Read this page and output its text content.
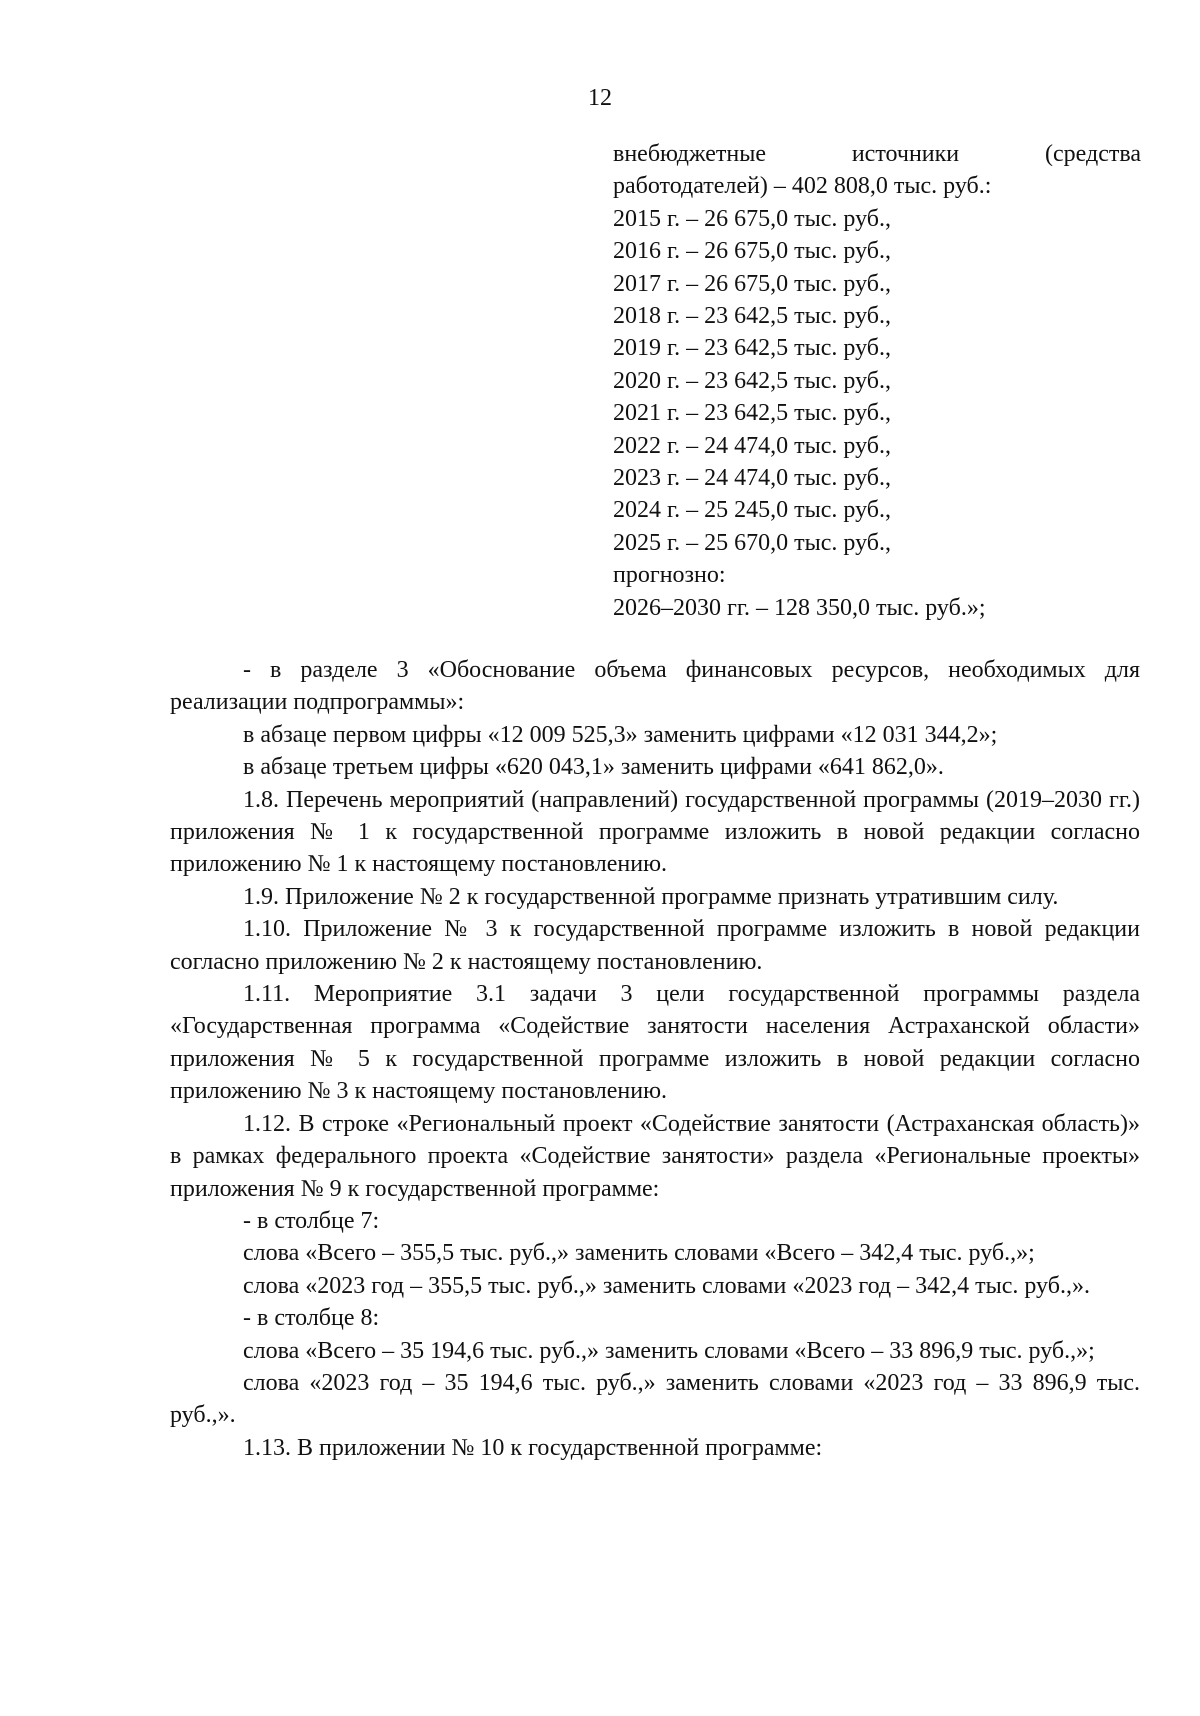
12

внебюджетные источники (средства работодателей) – 402 808,0 тыс. руб.:

2015 г. – 26 675,0 тыс. руб.,

2016 г. – 26 675,0 тыс. руб.,

2017 г. – 26 675,0 тыс. руб.,

2018 г. – 23 642,5 тыс. руб.,

2019 г. – 23 642,5 тыс. руб.,

2020 г. – 23 642,5 тыс. руб.,

2021 г. – 23 642,5 тыс. руб.,

2022 г. – 24 474,0 тыс. руб.,

2023 г. – 24 474,0 тыс. руб.,

2024 г. – 25 245,0 тыс. руб.,

2025 г. – 25 670,0 тыс. руб.,

прогнозно:

2026–2030 гг. – 128 350,0 тыс. руб.»;

- в разделе 3 «Обоснование объема финансовых ресурсов, необходимых для реализации подпрограммы»:

в абзаце первом цифры «12 009 525,3» заменить цифрами «12 031 344,2»;

в абзаце третьем цифры «620 043,1» заменить цифрами «641 862,0».

1.8. Перечень мероприятий (направлений) государственной программы (2019–2030 гг.) приложения № 1 к государственной программе изложить в новой редакции согласно приложению № 1 к настоящему постановлению.

1.9. Приложение № 2 к государственной программе признать утратившим силу.

1.10. Приложение № 3 к государственной программе изложить в новой редакции согласно приложению № 2 к настоящему постановлению.

1.11. Мероприятие 3.1 задачи 3 цели государственной программы раздела «Государственная программа «Содействие занятости населения Астраханской области» приложения № 5 к государственной программе изложить в новой редакции согласно приложению № 3 к настоящему постановлению.

1.12. В строке «Региональный проект «Содействие занятости (Астраханская область)» в рамках федерального проекта «Содействие занятости» раздела «Региональные проекты» приложения № 9 к государственной программе:

- в столбце 7:

слова «Всего – 355,5 тыс. руб.,» заменить словами «Всего – 342,4 тыс. руб.,»;

слова «2023 год – 355,5 тыс. руб.,» заменить словами «2023 год – 342,4 тыс. руб.,».

- в столбце 8:

слова «Всего – 35 194,6 тыс. руб.,» заменить словами «Всего – 33 896,9 тыс. руб.,»;

слова «2023 год – 35 194,6 тыс. руб.,» заменить словами «2023 год – 33 896,9 тыс. руб.,».

1.13. В приложении № 10 к государственной программе:
